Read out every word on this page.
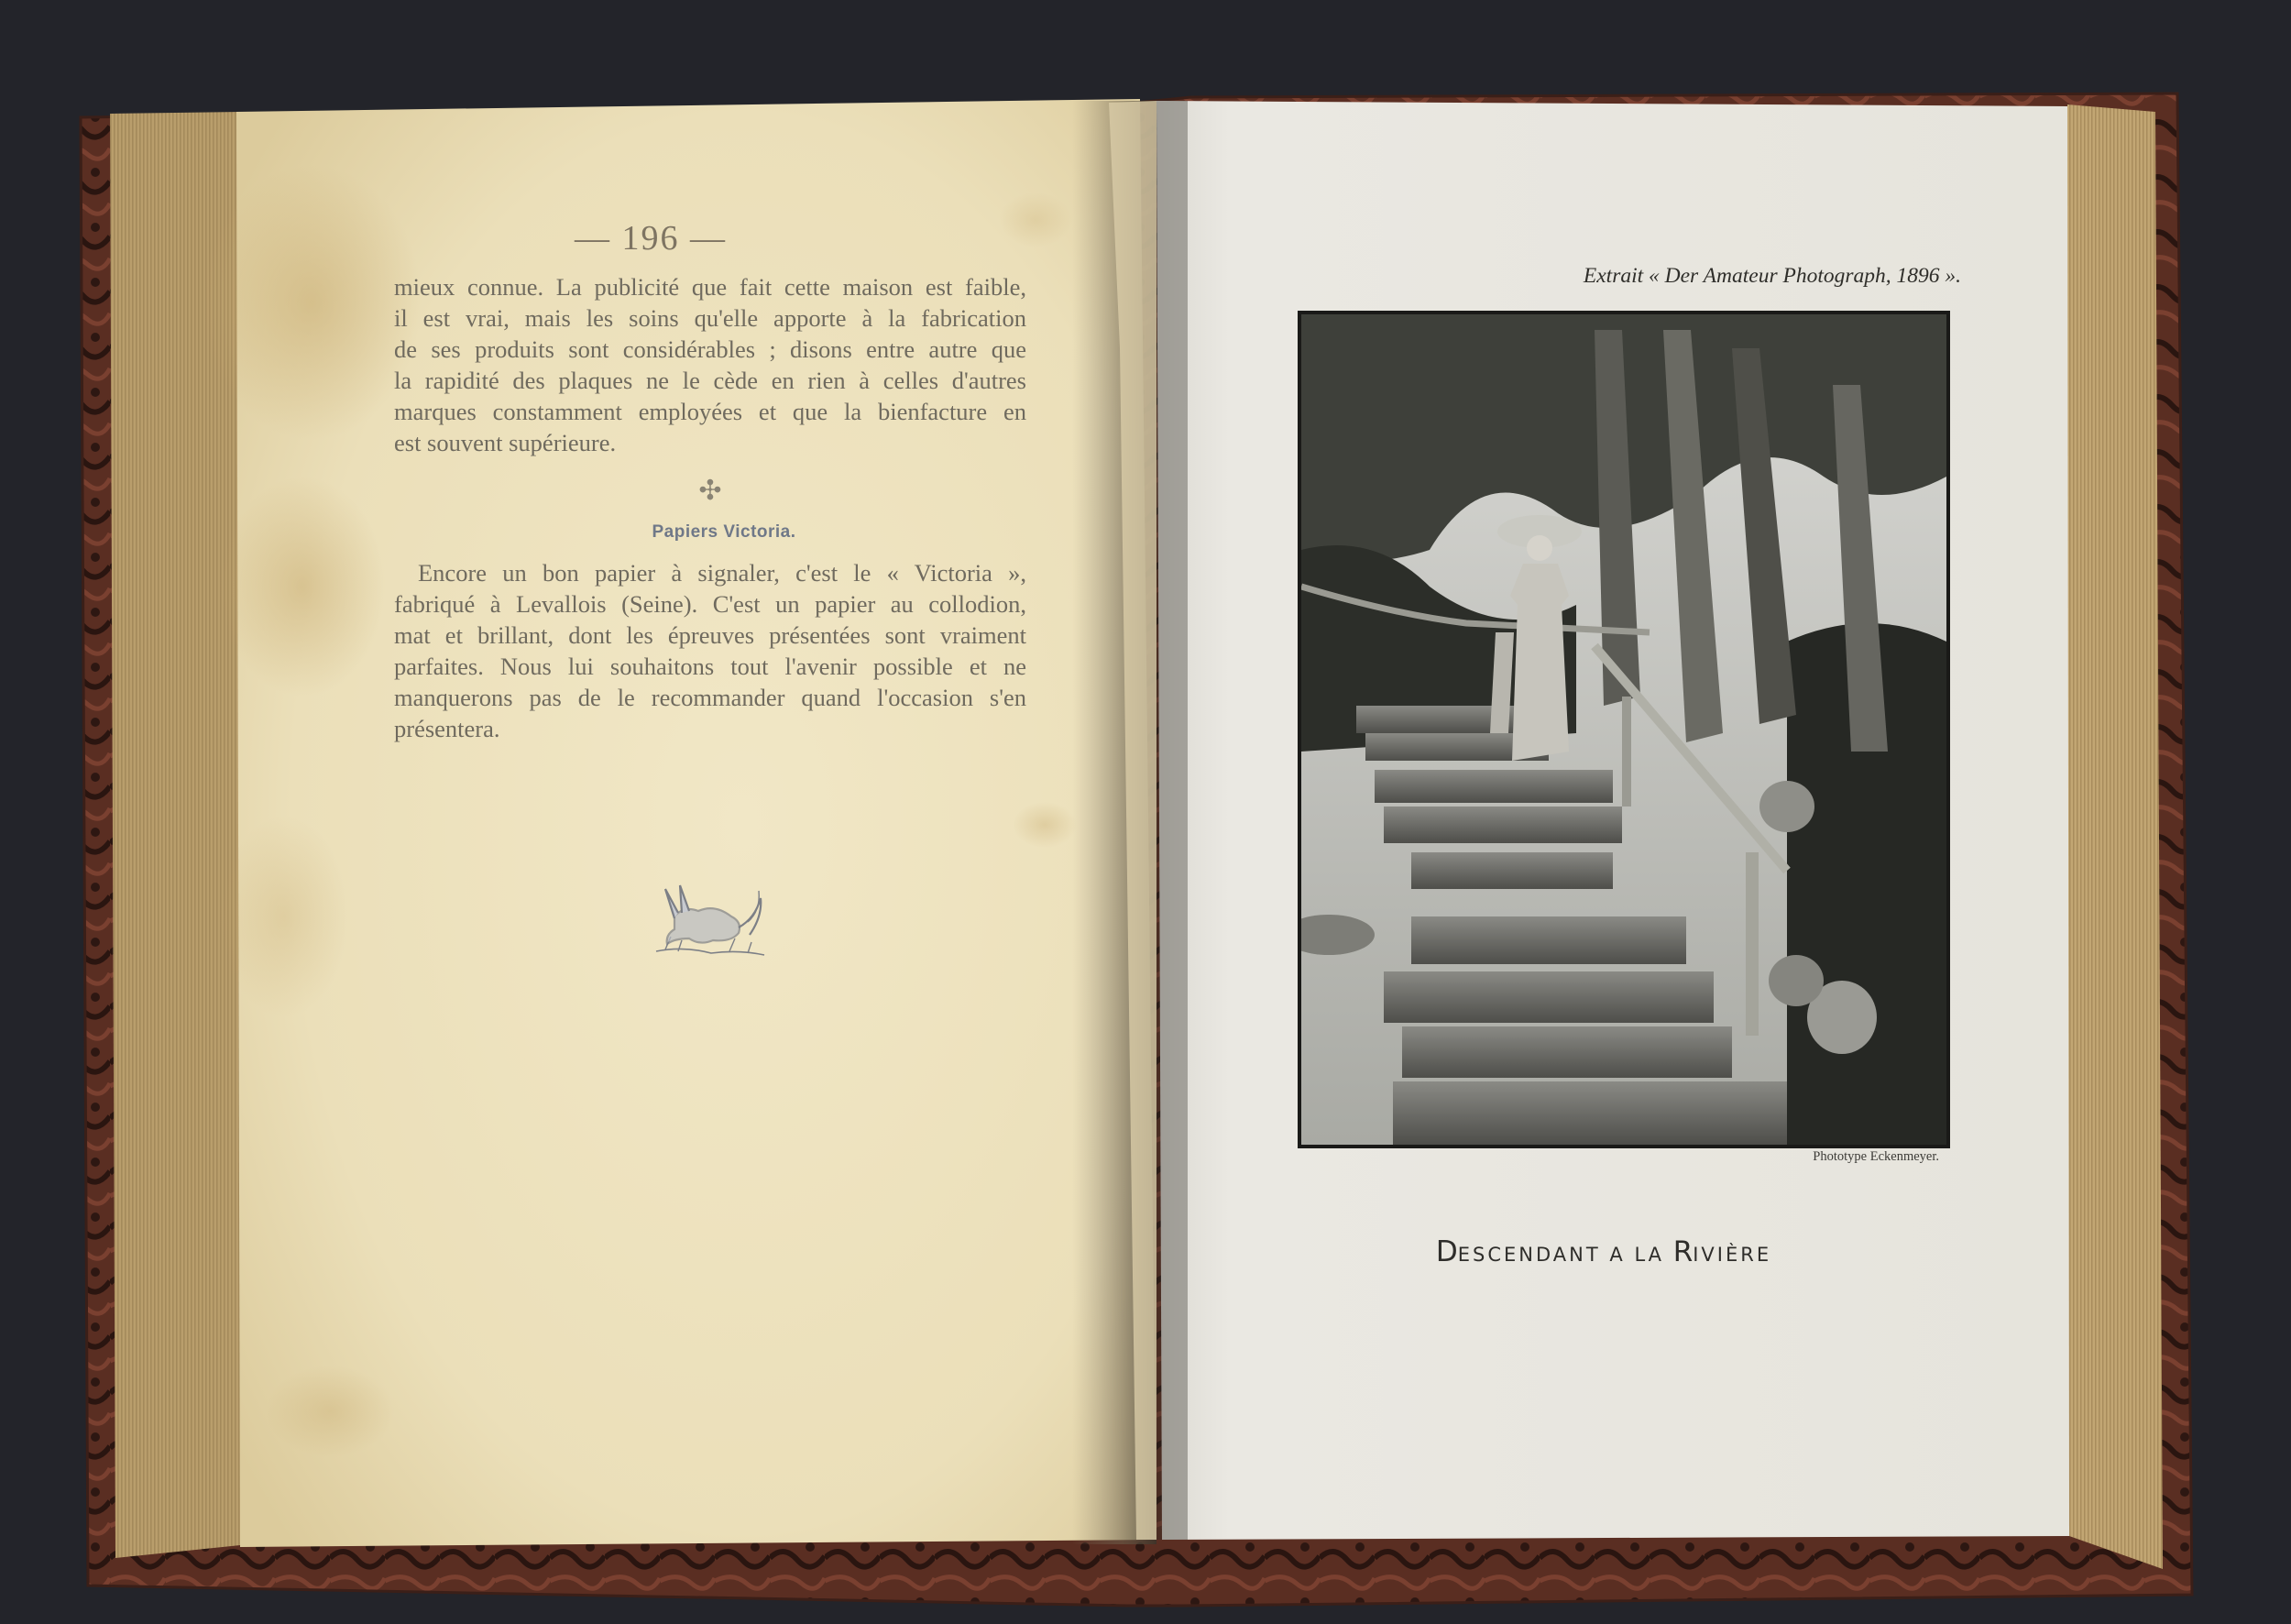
— 196 —
mieux connue. La publicité que fait cette maison est faible,
il est vrai, mais les soins qu'elle apporte à la fabrication
de ses produits sont considérables ; disons entre autre que
la rapidité des plaques ne le cède en rien à celles d'autres
marques constamment employées et que la bienfacture en
est souvent supérieure.
✣
Papiers Victoria.
Encore un bon papier à signaler, c'est le « Victoria »,
fabriqué à Levallois (Seine). C'est un papier au collodion,
mat et brillant, dont les épreuves présentées sont vraiment
parfaites. Nous lui souhaitons tout l'avenir possible et ne
manquerons pas de le recommander quand l'occasion s'en
présentera.
Extrait « Der Amateur Photograph, 1896 ».
Phototype Eckenmeyer.
DESCENDANT A LA RIVIÈRE
